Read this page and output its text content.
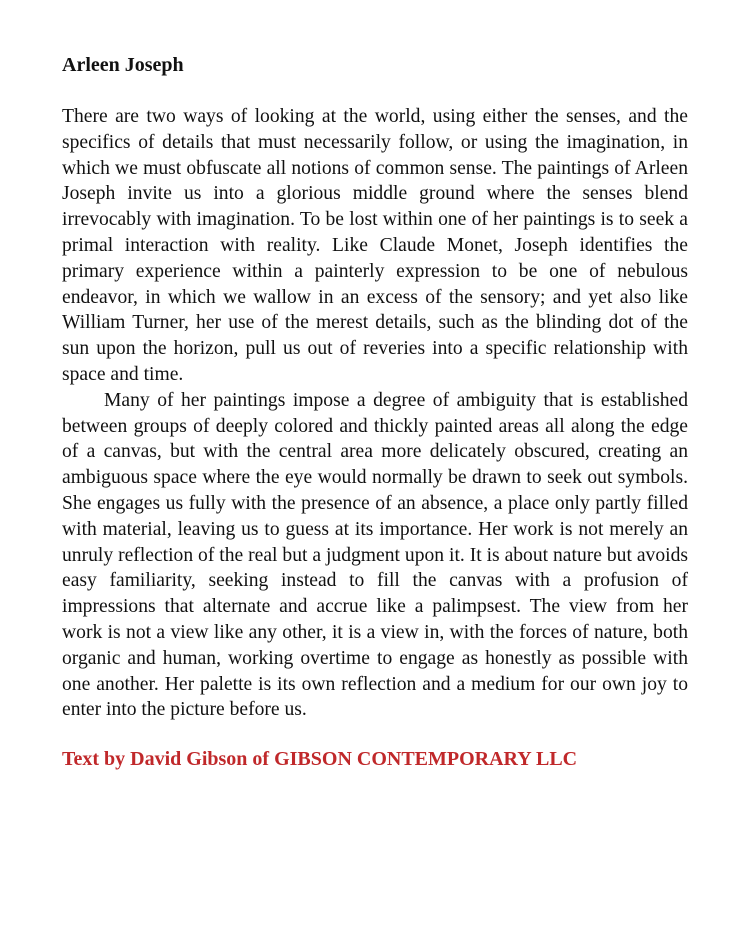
Arleen Joseph

There are two ways of looking at the world, using either the senses, and the specifics of details that must necessarily follow, or using the imagination, in which we must obfuscate all notions of common sense. The paintings of Arleen Joseph invite us into a glorious middle ground where the senses blend irrevocably with imagination. To be lost within one of her paintings is to seek a primal interaction with reality. Like Claude Monet, Joseph identifies the primary experience within a painterly expression to be one of nebulous endeavor, in which we wallow in an excess of the sensory; and yet also like William Turner, her use of the merest details, such as the blinding dot of the sun upon the horizon, pull us out of reveries into a specific relationship with space and time.

Many of her paintings impose a degree of ambiguity that is established between groups of deeply colored and thickly painted areas all along the edge of a canvas, but with the central area more delicately obscured, creating an ambiguous space where the eye would normally be drawn to seek out symbols. She engages us fully with the presence of an absence, a place only partly filled with material, leaving us to guess at its importance. Her work is not merely an unruly reflection of the real but a judgment upon it. It is about nature but avoids easy familiarity, seeking instead to fill the canvas with a profusion of impressions that alternate and accrue like a palimpsest. The view from her work is not a view like any other, it is a view in, with the forces of nature, both organic and human, working overtime to engage as honestly as possible with one another. Her palette is its own reflection and a medium for our own joy to enter into the picture before us.

Text by David Gibson of GIBSON CONTEMPORARY LLC
